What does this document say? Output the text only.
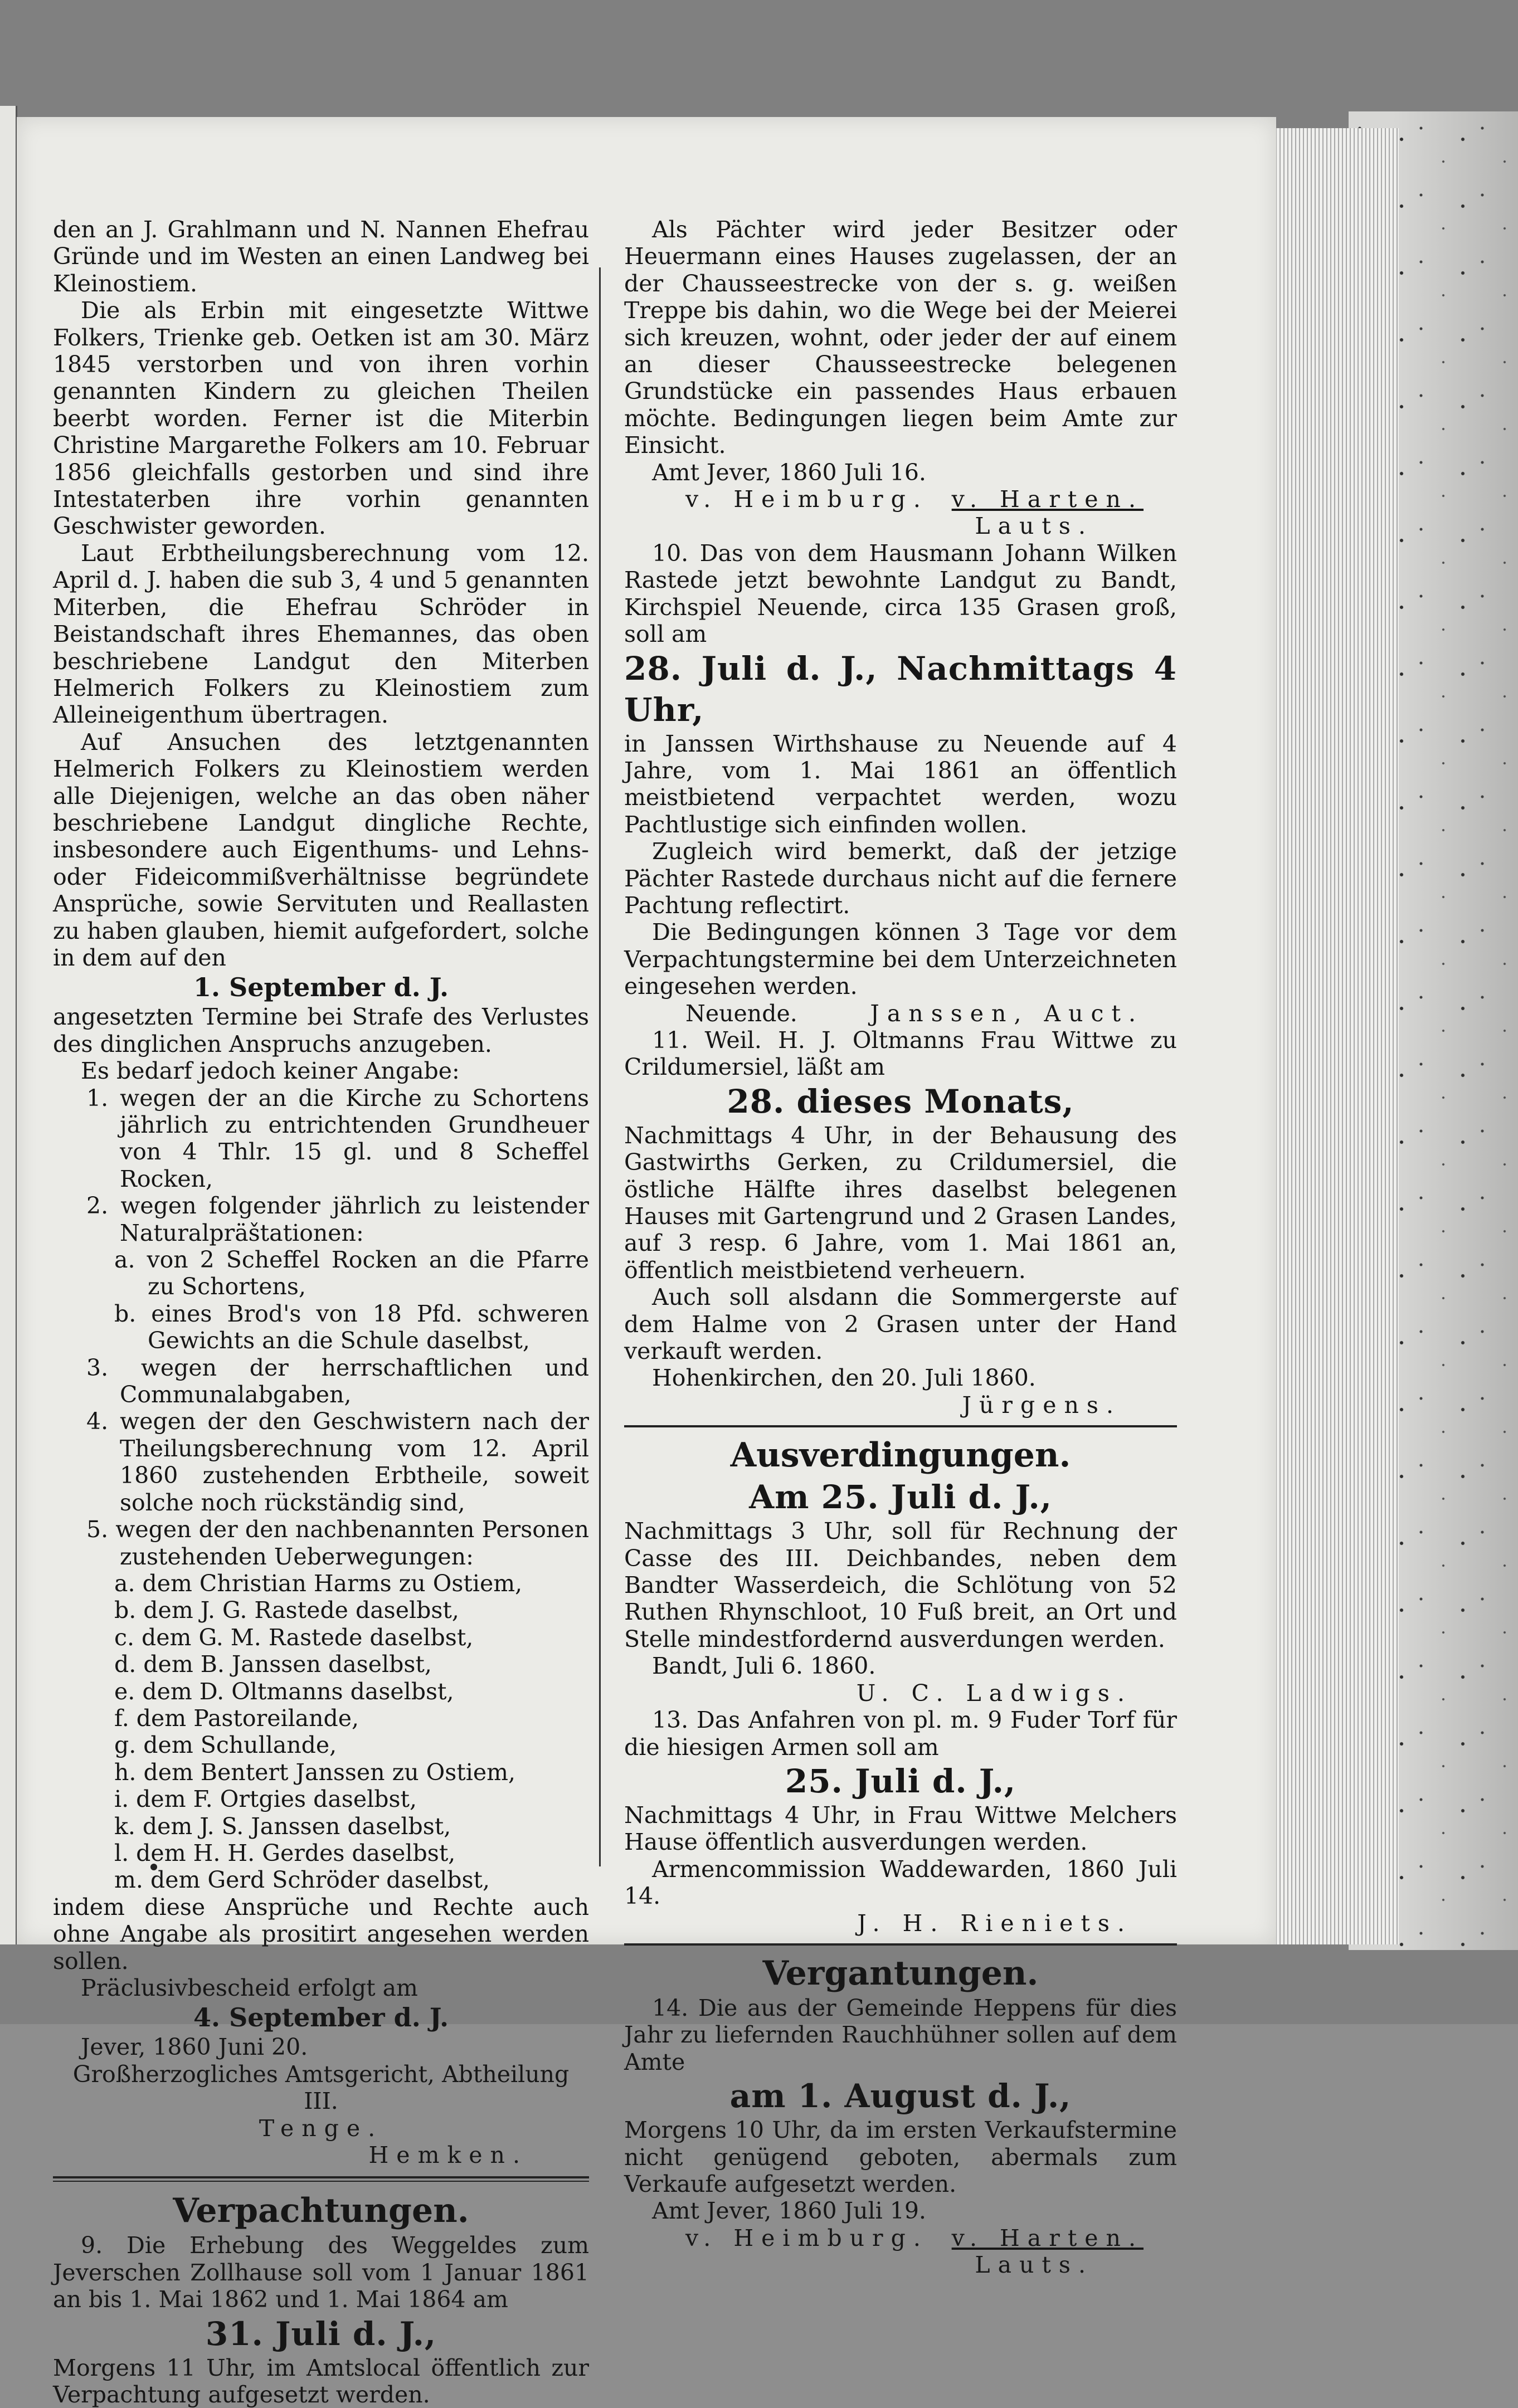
den an J. Grahlmann und N. Nannen Ehefrau Gründe und im Westen an einen Landweg bei Kleinostiem.

Die als Erbin mit eingesetzte Wittwe Folkers, Trienke geb. Oetken ist am 30. März 1845 verstorben und von ihren vorhin genannten Kindern zu gleichen Theilen beerbt worden. Ferner ist die Miterbin Christine Margarethe Folkers am 10. Februar 1856 gleichfalls gestorben und sind ihre Intestaterben ihre vorhin genannten Geschwister geworden.

Laut Erbtheilungsberechnung vom 12. April d. J. haben die sub 3, 4 und 5 genannten Miterben, die Ehefrau Schröder in Beistandschaft ihres Ehemannes, das oben beschriebene Landgut den Miterben Helmerich Folkers zu Kleinostiem zum Alleineigenthum übertragen.

Auf Ansuchen des letztgenannten Helmerich Folkers zu Kleinostiem werden alle Diejenigen, welche an das oben näher beschriebene Landgut dingliche Rechte, insbesondere auch Eigenthums- und Lehns- oder Fideicommißverhältnisse begründete Ansprüche, sowie Servituten und Reallasten zu haben glauben, hiemit aufgefordert, solche in dem auf den

1. September d. J.

angesetzten Termine bei Strafe des Verlustes des dinglichen Anspruchs anzugeben.

Es bedarf jedoch keiner Angabe:

1. wegen der an die Kirche zu Schortens jährlich zu entrichtenden Grundheuer von 4 Thlr. 15 gl. und 8 Scheffel Rocken,

2. wegen folgender jährlich zu leistender Naturalpräštationen:

a. von 2 Scheffel Rocken an die Pfarre zu Schortens,

b. eines Brod's von 18 Pfd. schweren Gewichts an die Schule daselbst,

3. wegen der herrschaftlichen und Communalabgaben,

4. wegen der den Geschwistern nach der Theilungsberechnung vom 12. April 1860 zustehenden Erbtheile, soweit solche noch rückständig sind,

5. wegen der den nachbenannten Personen zustehenden Ueberwegungen:

a. dem Christian Harms zu Ostiem,

b. dem J. G. Rastede daselbst,

c. dem G. M. Rastede daselbst,

d. dem B. Janssen daselbst,

e. dem D. Oltmanns daselbst,

f. dem Pastoreilande,

g. dem Schullande,

h. dem Bentert Janssen zu Ostiem,

i. dem F. Ortgies daselbst,

k. dem J. S. Janssen daselbst,

l. dem H. H. Gerdes daselbst,

m. dem Gerd Schröder daselbst,

indem diese Ansprüche und Rechte auch ohne Angabe als prositirt angesehen werden sollen.

Präclusivbescheid erfolgt am

4. September d. J.

Jever, 1860 Juni 20.

Großherzogliches Amtsgericht, Abtheilung III.

Tenge.

Hemken.

Verpachtungen.

9. Die Erhebung des Weggeldes zum Jeverschen Zollhause soll vom 1 Januar 1861 an bis 1. Mai 1862 und 1. Mai 1864 am

31. Juli d. J.,

Morgens 11 Uhr, im Amtslocal öffentlich zur Verpachtung aufgesetzt werden.

Als Pächter wird jeder Besitzer oder Heuermann eines Hauses zugelassen, der an der Chausseestrecke von der s. g. weißen Treppe bis dahin, wo die Wege bei der Meierei sich kreuzen, wohnt, oder jeder der auf einem an dieser Chausseestrecke belegenen Grundstücke ein passendes Haus erbauen möchte. Bedingungen liegen beim Amte zur Einsicht.

Amt Jever, 1860 Juli 16.

v. Heimburg. v. Harten.

Lauts.

10. Das von dem Hausmann Johann Wilken Rastede jetzt bewohnte Landgut zu Bandt, Kirchspiel Neuende, circa 135 Grasen groß, soll am

28. Juli d. J., Nachmittags 4 Uhr,

in Janssen Wirthshause zu Neuende auf 4 Jahre, vom 1. Mai 1861 an öffentlich meistbietend verpachtet werden, wozu Pachtlustige sich einfinden wollen.

Zugleich wird bemerkt, daß der jetzige Pächter Rastede durchaus nicht auf die fernere Pachtung reflectirt.

Die Bedingungen können 3 Tage vor dem Verpachtungstermine bei dem Unterzeichneten eingesehen werden.

Neuende.	Janssen, Auct.

11. Weil. H. J. Oltmanns Frau Wittwe zu Crildumersiel, läßt am

28. dieses Monats,

Nachmittags 4 Uhr, in der Behausung des Gastwirths Gerken, zu Crildumersiel, die östliche Hälfte ihres daselbst belegenen Hauses mit Gartengrund und 2 Grasen Landes, auf 3 resp. 6 Jahre, vom 1. Mai 1861 an, öffentlich meistbietend verheuern.

Auch soll alsdann die Sommergerste auf dem Halme von 2 Grasen unter der Hand verkauft werden.

Hohenkirchen, den 20. Juli 1860.

Jürgens.

Ausverdingungen.

Am 25. Juli d. J.,

Nachmittags 3 Uhr, soll für Rechnung der Casse des III. Deichbandes, neben dem Bandter Wasserdeich, die Schlötung von 52 Ruthen Rhynschloot, 10 Fuß breit, an Ort und Stelle mindestfordernd ausverdungen werden.

Bandt, Juli 6. 1860.

U. C. Ladwigs.

13. Das Anfahren von pl. m. 9 Fuder Torf für die hiesigen Armen soll am

25. Juli d. J.,

Nachmittags 4 Uhr, in Frau Wittwe Melchers Hause öffentlich ausverdungen werden.

Armencommission Waddewarden, 1860 Juli 14.

J. H. Rieniets.

Vergantungen.

14. Die aus der Gemeinde Heppens für dies Jahr zu liefernden Rauchhühner sollen auf dem Amte

am 1. August d. J.,

Morgens 10 Uhr, da im ersten Verkaufstermine nicht genügend geboten, abermals zum Verkaufe aufgesetzt werden.

Amt Jever, 1860 Juli 19.

v. Heimburg. v. Harten.

Lauts.
